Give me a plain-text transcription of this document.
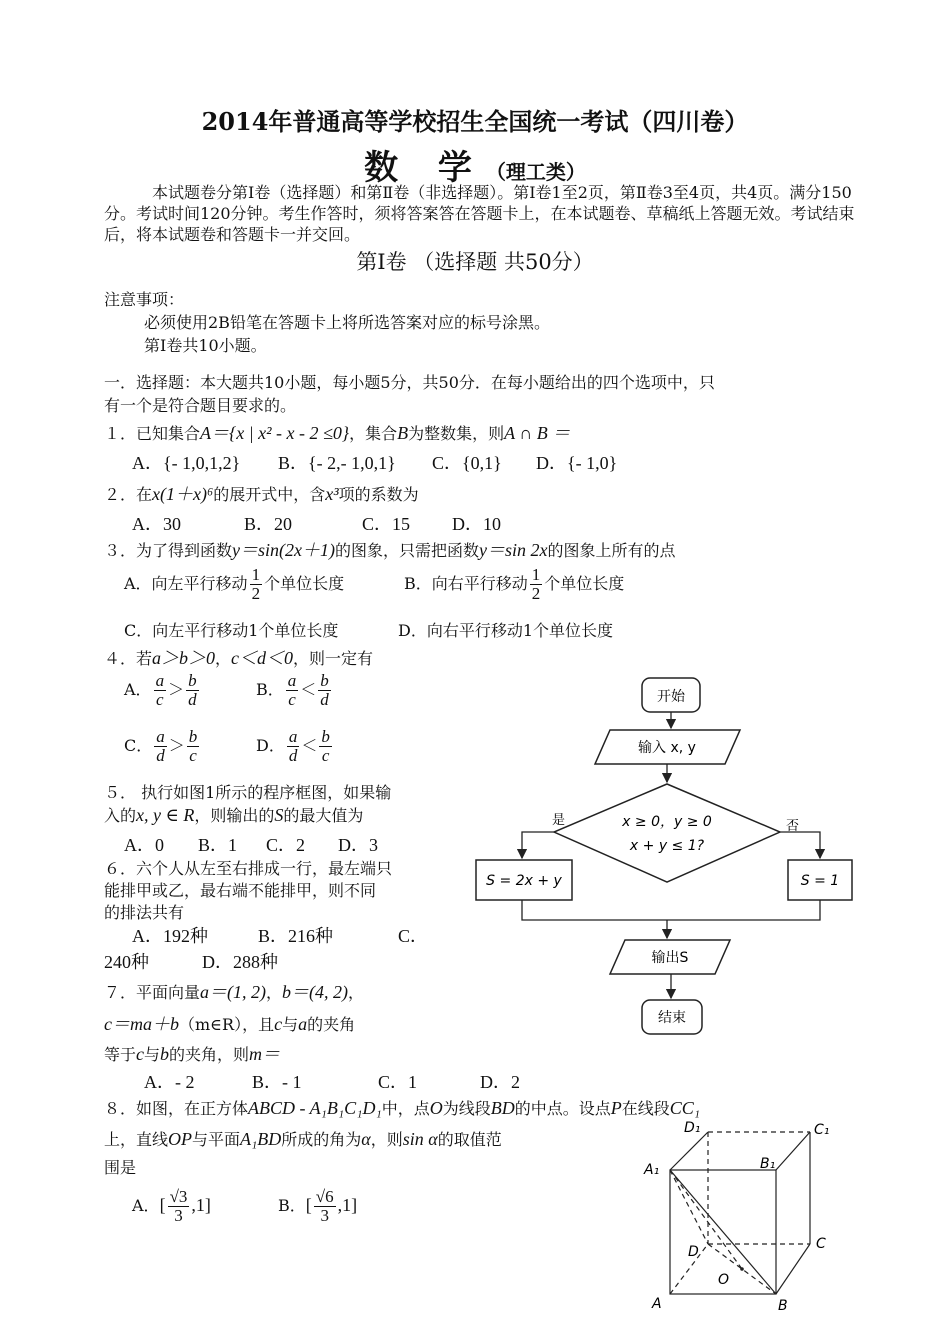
2014年普通高等学校招生全国统一考试（四川卷）
数 学（理工类）
本试题卷分第Ⅰ卷（选择题）和第Ⅱ卷（非选择题）。第Ⅰ卷1至2页，第Ⅱ卷3至4页，共4页。满分150分。考试时间120分钟。考生作答时，须将答案答在答题卡上，在本试题卷、草稿纸上答题无效。考试结束后，将本试题卷和答题卡一并交回。
第Ⅰ卷 （选择题 共50分）
注意事项：
必须使用2B铅笔在答题卡上将所选答案对应的标号涂黑。
第Ⅰ卷共10小题。
一．选择题：本大题共10小题，每小题5分，共50分．在每小题给出的四个选项中，只
有一个是符合题目要求的。
１．已知集合A＝{x | x² - x - 2 ≤0}，集合B为整数集，则A ∩ B ＝
A．{- 1,0,1,2} B．{- 2,- 1,0,1} C．{0,1} D．{- 1,0}
２．在x(1＋x)⁶的展开式中，含x³项的系数为
A．30	B．20	C．15 D．10
３．为了得到函数y＝sin(2x＋1)的图象，只需把函数y＝sin 2x的图象上所有的点
A．向左平行移动 $\frac{1}{2}$ 个单位长度	B．向右平行移动 $\frac{1}{2}$ 个单位长度
C．向左平行移动1个单位长度	D．向右平行移动1个单位长度
４．若a＞b＞0，c＜d＜0，则一定有
A． $\frac{a}{c} > \frac{b}{d}$	B． $\frac{a}{c} < \frac{b}{d}$
C． $\frac{a}{d} > \frac{b}{c}$	D． $\frac{a}{d} < \frac{b}{c}$
５． 执行如图1所示的程序框图，如果输
入的x, y ∈ R，则输出的S的最大值为
A．0 B．1 C．2 D．3
６．六个人从左至右排成一行，最左端只
能排甲或乙，最右端不能排甲，则不同
的排法共有
A．192种	B．216种	C．
240种	D．288种
７．平面向量a＝(1, 2)，b＝(4, 2)，
c＝ma＋b（m∈R），且c与a的夹角
等于c与b的夹角，则m＝
A．- 2	B．- 1	C．1	D．2
８．如图，在正方体ABCD - A₁B₁C₁D₁中，点O为线段BD的中点。设点P在线段CC₁
上，直线OP与平面A₁BD所成的角为α，则sin α的取值范
围是
A．[ $\frac{√3}{3} ,1$]	B．[ $\frac{√6}{3} ,1$]
开始
输入 x, y
x ≥ 0，y ≥ 0
x + y ≤ 1?
是	否
S = 2x + y	S = 1
输出S
结束
D₁	C₁
A₁	B₁
D	C
O
A	B
